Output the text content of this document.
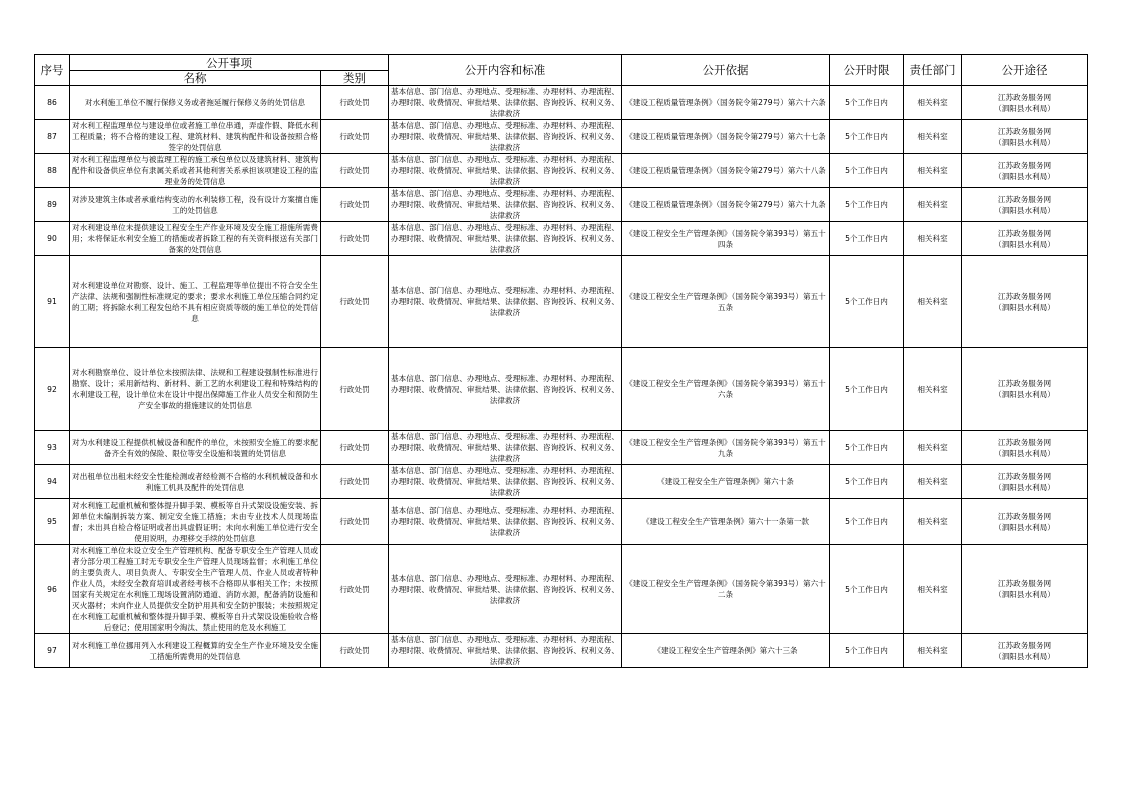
序号	公开事项		公开内容和标准	公开依据	公开时限	责任部门	公开途径
	名称	类别					
86	对水利施工单位不履行保修义务或者拖延履行保修义务的处罚信息	行政处罚	基本信息、部门信息、办理地点、受理标准、办理材料、办理流程、办理时限、收费情况、审批结果、法律依据、咨询投诉、权利义务、法律救济	《建设工程质量管理条例》（国务院令第279号）第六十六条	5个工作日内	相关科室	江苏政务服务网
（泗阳县水利局）

87	对水利工程监理单位与建设单位或者施工单位串通，弄虚作假、降低水利工程质量；将不合格的建设工程、建筑材料、建筑构配件和设备按照合格签字的处罚信息	行政处罚	基本信息、部门信息、办理地点、受理标准、办理材料、办理流程、办理时限、收费情况、审批结果、法律依据、咨询投诉、权利义务、法律救济	《建设工程质量管理条例》（国务院令第279号）第六十七条	5个工作日内	相关科室	江苏政务服务网
（泗阳县水利局）

88	对水利工程监理单位与被监理工程的施工承包单位以及建筑材料、建筑构配件和设备供应单位有隶属关系或者其他利害关系承担该项建设工程的监理业务的处罚信息	行政处罚	基本信息、部门信息、办理地点、受理标准、办理材料、办理流程、办理时限、收费情况、审批结果、法律依据、咨询投诉、权利义务、法律救济	《建设工程质量管理条例》（国务院令第279号）第六十八条	5个工作日内	相关科室	江苏政务服务网
（泗阳县水利局）

89	对涉及建筑主体或者承重结构变动的水利装修工程，没有设计方案擅自施工的处罚信息	行政处罚	基本信息、部门信息、办理地点、受理标准、办理材料、办理流程、办理时限、收费情况、审批结果、法律依据、咨询投诉、权利义务、法律救济	《建设工程质量管理条例》（国务院令第279号）第六十九条	5个工作日内	相关科室	江苏政务服务网
（泗阳县水利局）

90	对水利建设单位未提供建设工程安全生产作业环境及安全施工措施所需费用；未将保证水利安全施工的措施或者拆除工程的有关资料报送有关部门备案的处罚信息	行政处罚	基本信息、部门信息、办理地点、受理标准、办理材料、办理流程、办理时限、收费情况、审批结果、法律依据、咨询投诉、权利义务、法律救济	《建设工程安全生产管理条例》（国务院令第393号）第五十四条	5个工作日内	相关科室	江苏政务服务网
（泗阳县水利局）

91	对水利建设单位对勘察、设计、施工、工程监理等单位提出不符合安全生产法律、法规和强制性标准规定的要求；要求水利施工单位压缩合同约定的工期；将拆除水利工程发包给不具有相应资质等级的施工单位的处罚信息	行政处罚	基本信息、部门信息、办理地点、受理标准、办理材料、办理流程、办理时限、收费情况、审批结果、法律依据、咨询投诉、权利义务、法律救济	《建设工程安全生产管理条例》（国务院令第393号）第五十五条	5个工作日内	相关科室	江苏政务服务网
（泗阳县水利局）

92	对水利勘察单位、设计单位未按照法律、法规和工程建设强制性标准进行勘察、设计；采用新结构、新材料、新工艺的水利建设工程和特殊结构的水利建设工程，设计单位未在设计中提出保障施工作业人员安全和预防生产安全事故的措施建议的处罚信息	行政处罚	基本信息、部门信息、办理地点、受理标准、办理材料、办理流程、办理时限、收费情况、审批结果、法律依据、咨询投诉、权利义务、法律救济	《建设工程安全生产管理条例》（国务院令第393号）第五十六条	5个工作日内	相关科室	江苏政务服务网
（泗阳县水利局）

93	对为水利建设工程提供机械设备和配件的单位，未按照安全施工的要求配备齐全有效的保险、限位等安全设施和装置的处罚信息	行政处罚	基本信息、部门信息、办理地点、受理标准、办理材料、办理流程、办理时限、收费情况、审批结果、法律依据、咨询投诉、权利义务、法律救济	《建设工程安全生产管理条例》（国务院令第393号）第五十九条	5个工作日内	相关科室	江苏政务服务网
（泗阳县水利局）

94	对出租单位出租未经安全性能检测或者经检测不合格的水利机械设备和水利施工机具及配件的处罚信息	行政处罚	基本信息、部门信息、办理地点、受理标准、办理材料、办理流程、办理时限、收费情况、审批结果、法律依据、咨询投诉、权利义务、法律救济	《建设工程安全生产管理条例》第六十条	5个工作日内	相关科室	江苏政务服务网
（泗阳县水利局）

95	对水利施工起重机械和整体提升脚手架、模板等自升式架设设施安装、拆卸单位未编制拆装方案、制定安全施工措施；未由专业技术人员现场监督；未出具自检合格证明或者出具虚假证明；未向水利施工单位进行安全使用说明，办理移交手续的处罚信息	行政处罚	基本信息、部门信息、办理地点、受理标准、办理材料、办理流程、办理时限、收费情况、审批结果、法律依据、咨询投诉、权利义务、法律救济	《建设工程安全生产管理条例》第六十一条第一款	5个工作日内	相关科室	江苏政务服务网
（泗阳县水利局）

96	对水利施工单位未设立安全生产管理机构、配备专职安全生产管理人员或者分部分项工程施工时无专职安全生产管理人员现场监督；水利施工单位的主要负责人、项目负责人、专职安全生产管理人员、作业人员或者特种作业人员，未经安全教育培训或者经考核不合格即从事相关工作；未按照国家有关规定在水利施工现场设置消防通道、消防水源，配备消防设施和灭火器材；未向作业人员提供安全防护用具和安全防护服装；未按照规定在水利施工起重机械和整体提升脚手架、模板等自升式架设设施验收合格后登记；使用国家明令淘汰、禁止使用的危及水利施工	行政处罚	基本信息、部门信息、办理地点、受理标准、办理材料、办理流程、办理时限、收费情况、审批结果、法律依据、咨询投诉、权利义务、法律救济	《建设工程安全生产管理条例》（国务院令第393号）第六十二条	5个工作日内	相关科室	江苏政务服务网
（泗阳县水利局）

97	对水利施工单位挪用列入水利建设工程概算的安全生产作业环境及安全施工措施所需费用的处罚信息	行政处罚	基本信息、部门信息、办理地点、受理标准、办理材料、办理流程、办理时限、收费情况、审批结果、法律依据、咨询投诉、权利义务、法律救济	《建设工程安全生产管理条例》第六十三条	5个工作日内	相关科室	江苏政务服务网
（泗阳县水利局）
